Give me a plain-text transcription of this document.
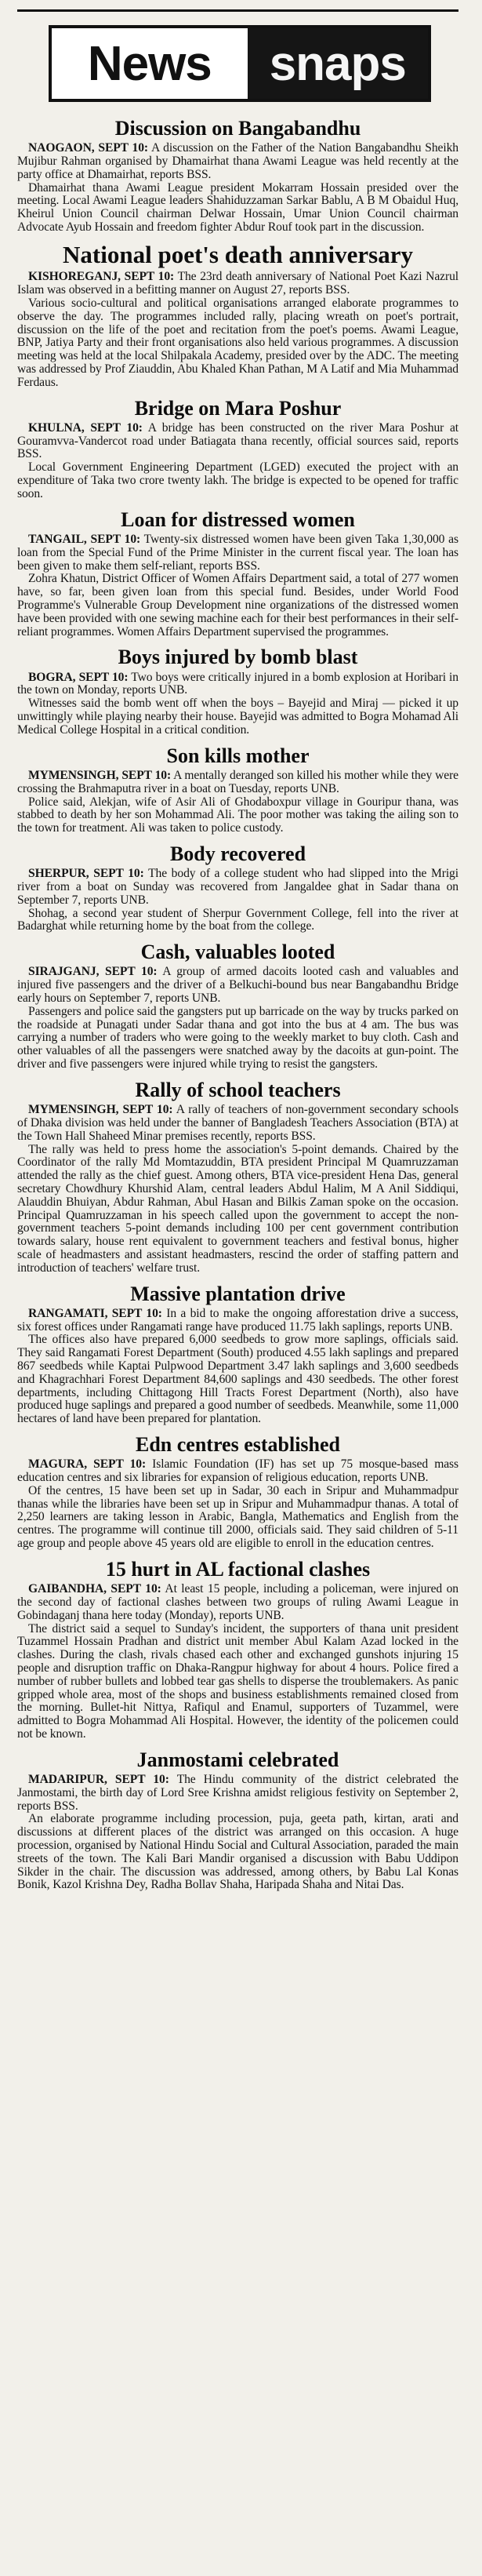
News	snaps
Discussion on Bangabandhu

NAOGAON, SEPT 10: A discussion on the Father of the Nation Bangabandhu Sheikh Mujibur Rahman organised by Dhamairhat thana Awami League was held recently at the party office at Dhamairhat, reports BSS.

Dhamairhat thana Awami League president Mokarram Hossain presided over the meeting. Local Awami League leaders Shahiduzzaman Sarkar Bablu, A B M Obaidul Huq, Kheirul Union Council chairman Delwar Hossain, Umar Union Council chairman Advocate Ayub Hossain and freedom fighter Abdur Rouf took part in the discussion.

National poet's death anniversary

KISHOREGANJ, SEPT 10: The 23rd death anniversary of National Poet Kazi Nazrul Islam was observed in a befitting manner on August 27, reports BSS.

Various socio-cultural and political organisations arranged elaborate programmes to observe the day. The programmes included rally, placing wreath on poet's portrait, discussion on the life of the poet and recitation from the poet's poems. Awami League, BNP, Jatiya Party and their front organisations also held various programmes. A discussion meeting was held at the local Shilpakala Academy, presided over by the ADC. The meeting was addressed by Prof Ziauddin, Abu Khaled Khan Pathan, M A Latif and Mia Muhammad Ferdaus.

Bridge on Mara Poshur

KHULNA, SEPT 10: A bridge has been constructed on the river Mara Poshur at Gouramvva-Vandercot road under Batiagata thana recently, official sources said, reports BSS.

Local Government Engineering Department (LGED) executed the project with an expenditure of Taka two crore twenty lakh. The bridge is expected to be opened for traffic soon.

Loan for distressed women

TANGAIL, SEPT 10: Twenty-six distressed women have been given Taka 1,30,000 as loan from the Special Fund of the Prime Minister in the current fiscal year. The loan has been given to make them self-reliant, reports BSS.

Zohra Khatun, District Officer of Women Affairs Department said, a total of 277 women have, so far, been given loan from this special fund. Besides, under World Food Programme's Vulnerable Group Development nine organizations of the distressed women have been provided with one sewing machine each for their best performances in their self-reliant programmes. Women Affairs Department supervised the programmes.

Boys injured by bomb blast

BOGRA, SEPT 10: Two boys were critically injured in a bomb explosion at Horibari in the town on Monday, reports UNB.

Witnesses said the bomb went off when the boys – Bayejid and Miraj — picked it up unwittingly while playing nearby their house. Bayejid was admitted to Bogra Mohamad Ali Medical College Hospital in a critical condition.

Son kills mother

MYMENSINGH, SEPT 10: A mentally deranged son killed his mother while they were crossing the Brahmaputra river in a boat on Tuesday, reports UNB.

Police said, Alekjan, wife of Asir Ali of Ghodaboxpur village in Gouripur thana, was stabbed to death by her son Mohammad Ali. The poor mother was taking the ailing son to the town for treatment. Ali was taken to police custody.

Body recovered

SHERPUR, SEPT 10: The body of a college student who had slipped into the Mrigi river from a boat on Sunday was recovered from Jangaldee ghat in Sadar thana on September 7, reports UNB.

Shohag, a second year student of Sherpur Government College, fell into the river at Badarghat while returning home by the boat from the college.

Cash, valuables looted

SIRAJGANJ, SEPT 10: A group of armed dacoits looted cash and valuables and injured five passengers and the driver of a Belkuchi-bound bus near Bangabandhu Bridge early hours on September 7, reports UNB.

Passengers and police said the gangsters put up barricade on the way by trucks parked on the roadside at Punagati under Sadar thana and got into the bus at 4 am. The bus was carrying a number of traders who were going to the weekly market to buy cloth. Cash and other valuables of all the passengers were snatched away by the dacoits at gun-point. The driver and five passengers were injured while trying to resist the gangsters.

Rally of school teachers

MYMENSINGH, SEPT 10: A rally of teachers of non-government secondary schools of Dhaka division was held under the banner of Bangladesh Teachers Association (BTA) at the Town Hall Shaheed Minar premises recently, reports BSS.

The rally was held to press home the association's 5-point demands. Chaired by the Coordinator of the rally Md Momtazuddin, BTA president Principal M Quamruzzaman attended the rally as the chief guest. Among others, BTA vice-president Hena Das, general secretary Chowdhury Khurshid Alam, central leaders Abdul Halim, M A Anil Siddiqui, Alauddin Bhuiyan, Abdur Rahman, Abul Hasan and Bilkis Zaman spoke on the occasion. Principal Quamruzzaman in his speech called upon the government to accept the non-government teachers 5-point demands including 100 per cent government contribution towards salary, house rent equivalent to government teachers and festival bonus, higher scale of headmasters and assistant headmasters, rescind the order of staffing pattern and introduction of teachers' welfare trust.

Massive plantation drive

RANGAMATI, SEPT 10: In a bid to make the ongoing afforestation drive a success, six forest offices under Rangamati range have produced 11.75 lakh saplings, reports UNB.

The offices also have prepared 6,000 seedbeds to grow more saplings, officials said. They said Rangamati Forest Department (South) produced 4.55 lakh saplings and prepared 867 seedbeds while Kaptai Pulpwood Department 3.47 lakh saplings and 3,600 seedbeds and Khagrachhari Forest Department 84,600 saplings and 430 seedbeds. The other forest departments, including Chittagong Hill Tracts Forest Department (North), also have produced huge saplings and prepared a good number of seedbeds. Meanwhile, some 11,000 hectares of land have been prepared for plantation.

Edn centres established

MAGURA, SEPT 10: Islamic Foundation (IF) has set up 75 mosque-based mass education centres and six libraries for expansion of religious education, reports UNB.

Of the centres, 15 have been set up in Sadar, 30 each in Sripur and Muhammadpur thanas while the libraries have been set up in Sripur and Muhammadpur thanas. A total of 2,250 learners are taking lesson in Arabic, Bangla, Mathematics and English from the centres. The programme will continue till 2000, officials said. They said children of 5-11 age group and people above 45 years old are eligible to enroll in the education centres.

15 hurt in AL factional clashes

GAIBANDHA, SEPT 10: At least 15 people, including a policeman, were injured on the second day of factional clashes between two groups of ruling Awami League in Gobindaganj thana here today (Monday), reports UNB.

The district said a sequel to Sunday's incident, the supporters of thana unit president Tuzammel Hossain Pradhan and district unit member Abul Kalam Azad locked in the clashes. During the clash, rivals chased each other and exchanged gunshots injuring 15 people and disruption traffic on Dhaka-Rangpur highway for about 4 hours. Police fired a number of rubber bullets and lobbed tear gas shells to disperse the troublemakers. As panic gripped whole area, most of the shops and business establishments remained closed from the morning. Bullet-hit Nittya, Rafiqul and Enamul, supporters of Tuzammel, were admitted to Bogra Mohammad Ali Hospital. However, the identity of the policemen could not be known.

Janmostami celebrated

MADARIPUR, SEPT 10: The Hindu community of the district celebrated the Janmostami, the birth day of Lord Sree Krishna amidst religious festivity on September 2, reports BSS.

An elaborate programme including procession, puja, geeta path, kirtan, arati and discussions at different places of the district was arranged on this occasion. A huge procession, organised by National Hindu Social and Cultural Association, paraded the main streets of the town. The Kali Bari Mandir organised a discussion with Babu Uddipon Sikder in the chair. The discussion was addressed, among others, by Babu Lal Konas Bonik, Kazol Krishna Dey, Radha Bollav Shaha, Haripada Shaha and Nitai Das.
